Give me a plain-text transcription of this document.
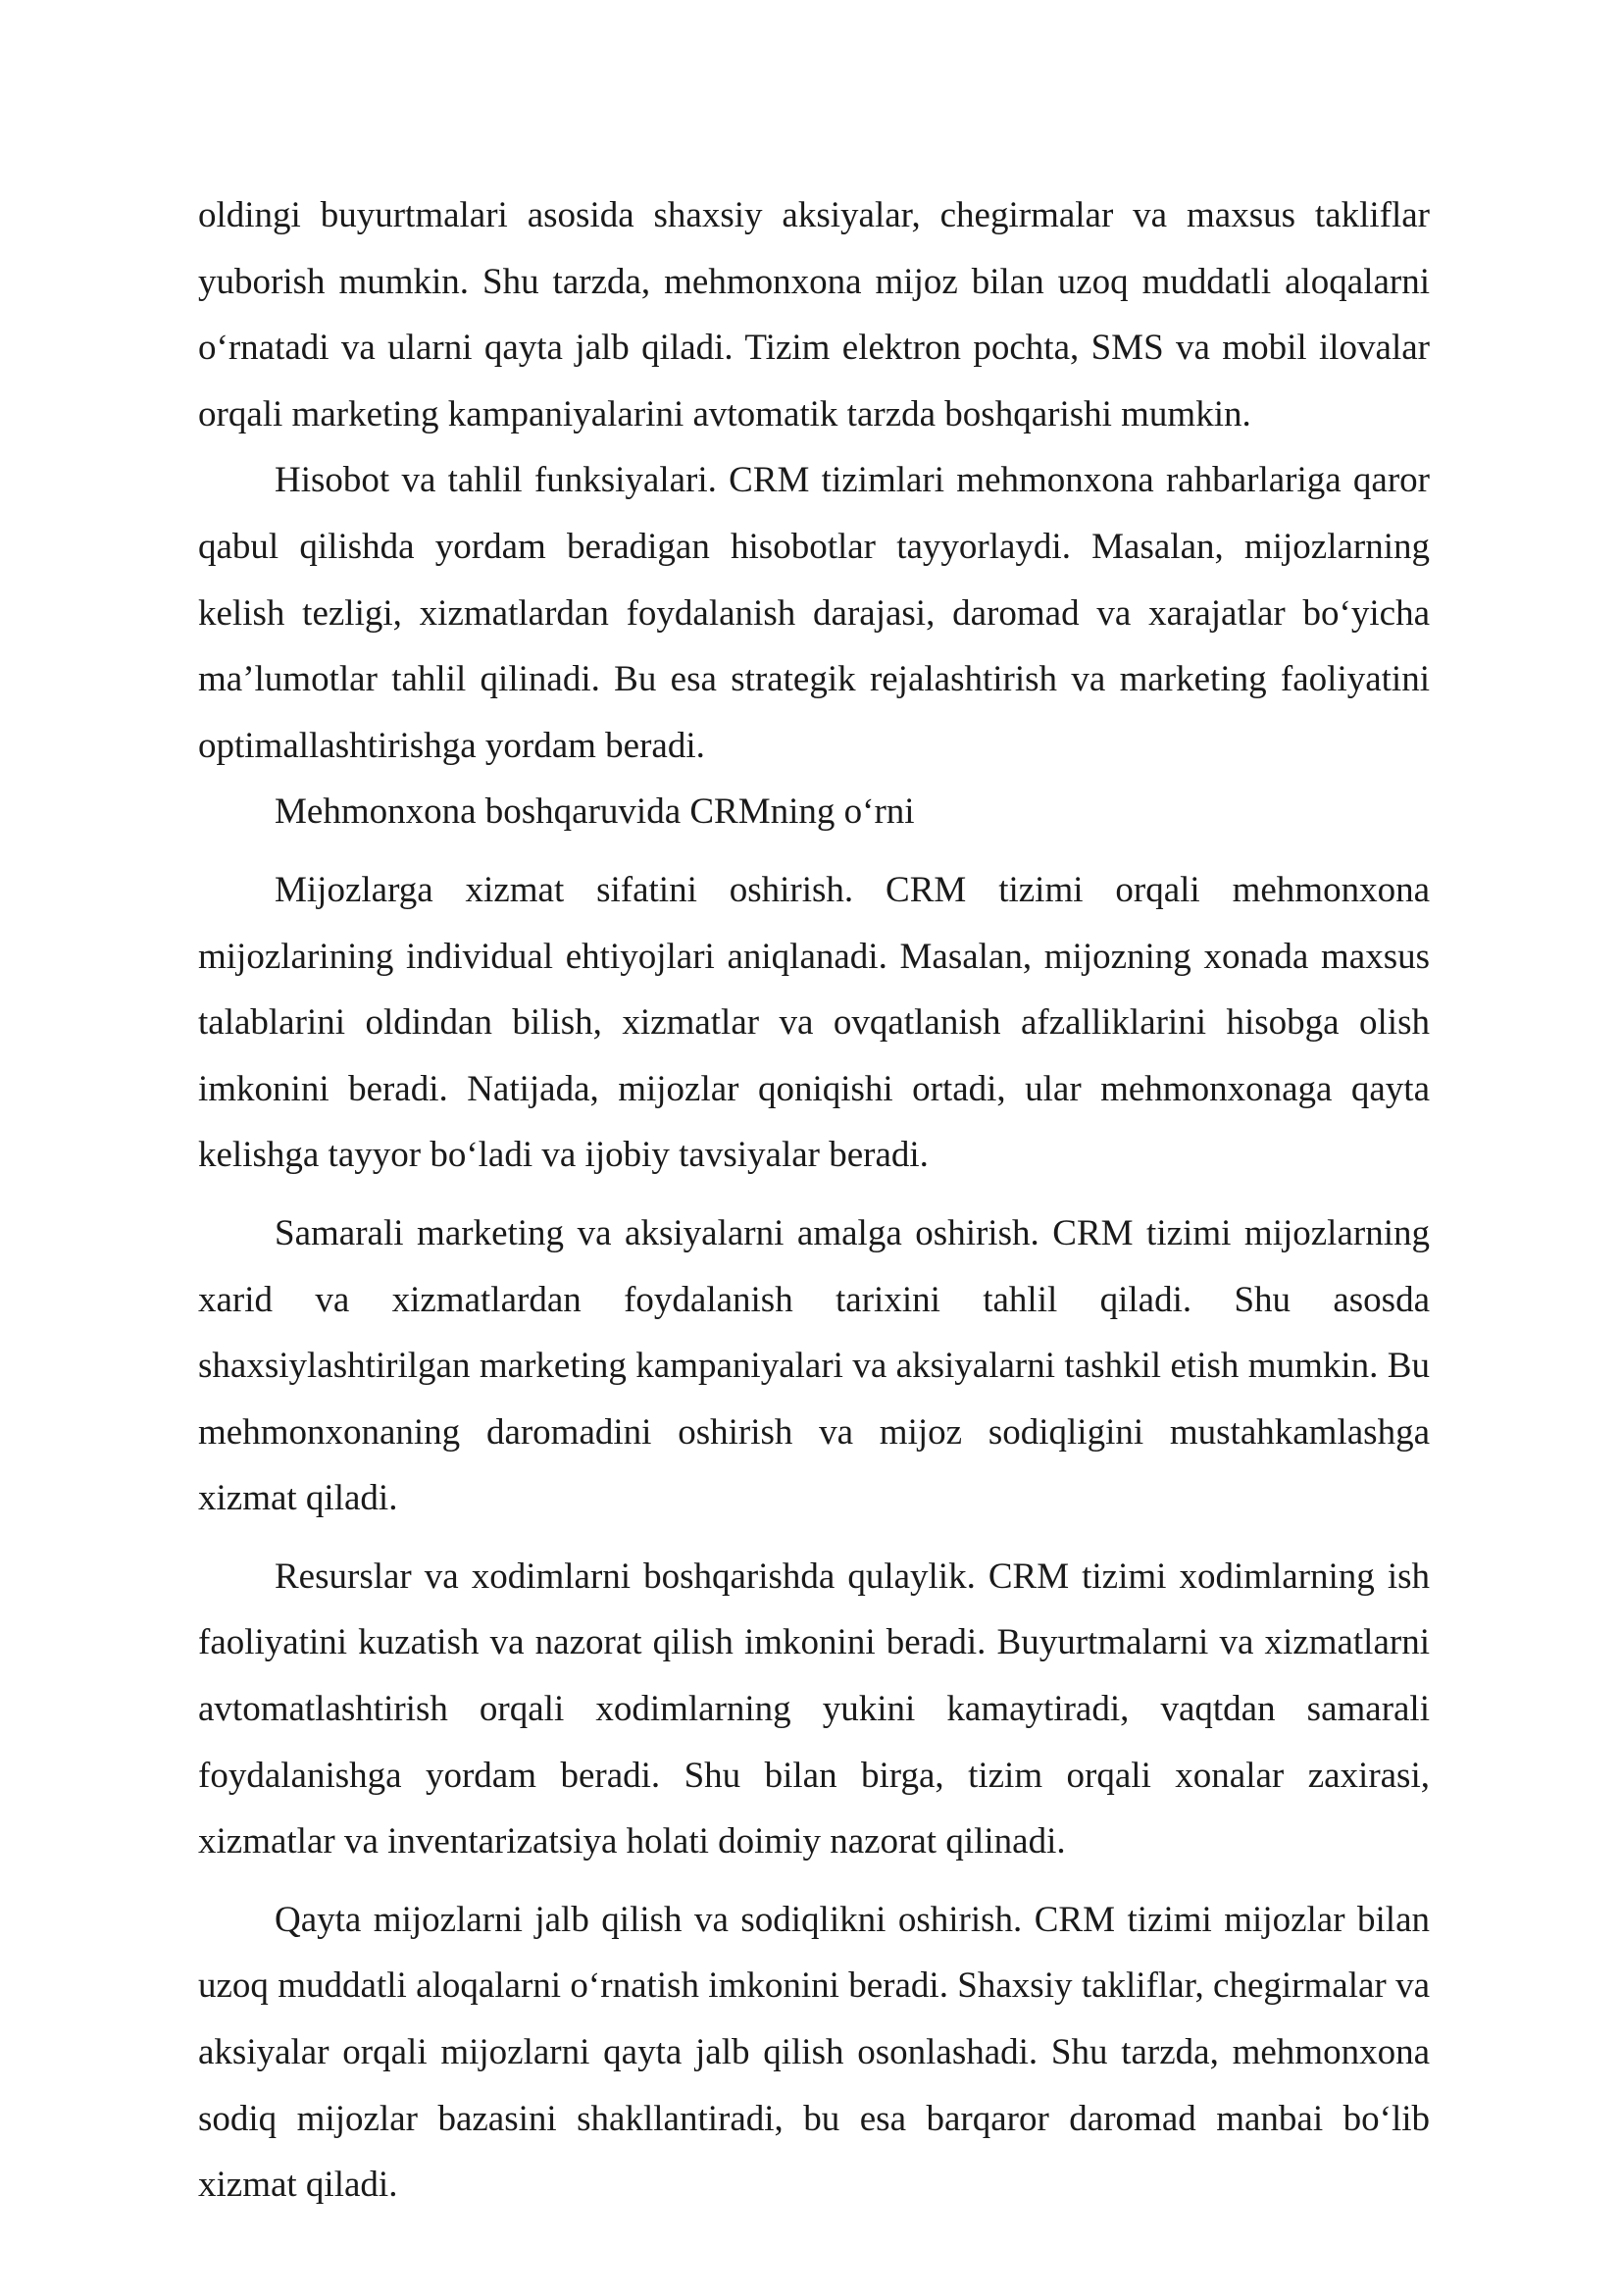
oldingi buyurtmalari asosida shaxsiy aksiyalar, chegirmalar va maxsus takliflar yuborish mumkin. Shu tarzda, mehmonxona mijoz bilan uzoq muddatli aloqalarni o‘rnatadi va ularni qayta jalb qiladi. Tizim elektron pochta, SMS va mobil ilovalar orqali marketing kampaniyalarini avtomatik tarzda boshqarishi mumkin.

Hisobot va tahlil funksiyalari. CRM tizimlari mehmonxona rahbarlariga qaror qabul qilishda yordam beradigan hisobotlar tayyorlaydi. Masalan, mijozlarning kelish tezligi, xizmatlardan foydalanish darajasi, daromad va xarajatlar bo‘yicha ma’lumotlar tahlil qilinadi. Bu esa strategik rejalashtirish va marketing faoliyatini optimallashtirishga yordam beradi.

Mehmonxona boshqaruvida CRMning o‘rni

Mijozlarga xizmat sifatini oshirish. CRM tizimi orqali mehmonxona mijozlarining individual ehtiyojlari aniqlanadi. Masalan, mijozning xonada maxsus talablarini oldindan bilish, xizmatlar va ovqatlanish afzalliklarini hisobga olish imkonini beradi. Natijada, mijozlar qoniqishi ortadi, ular mehmonxonaga qayta kelishga tayyor bo‘ladi va ijobiy tavsiyalar beradi.

Samarali marketing va aksiyalarni amalga oshirish. CRM tizimi mijozlarning xarid va xizmatlardan foydalanish tarixini tahlil qiladi. Shu asosda shaxsiylashtirilgan marketing kampaniyalari va aksiyalarni tashkil etish mumkin. Bu mehmonxonaning daromadini oshirish va mijoz sodiqligini mustahkamlashga xizmat qiladi.

Resurslar va xodimlarni boshqarishda qulaylik. CRM tizimi xodimlarning ish faoliyatini kuzatish va nazorat qilish imkonini beradi. Buyurtmalarni va xizmatlarni avtomatlashtirish orqali xodimlarning yukini kamaytiradi, vaqtdan samarali foydalanishga yordam beradi. Shu bilan birga, tizim orqali xonalar zaxirasi, xizmatlar va inventarizatsiya holati doimiy nazorat qilinadi.

Qayta mijozlarni jalb qilish va sodiqlikni oshirish. CRM tizimi mijozlar bilan uzoq muddatli aloqalarni o‘rnatish imkonini beradi. Shaxsiy takliflar, chegirmalar va aksiyalar orqali mijozlarni qayta jalb qilish osonlashadi. Shu tarzda, mehmonxona sodiq mijozlar bazasini shakllantiradi, bu esa barqaror daromad manbai bo‘lib xizmat qiladi.
